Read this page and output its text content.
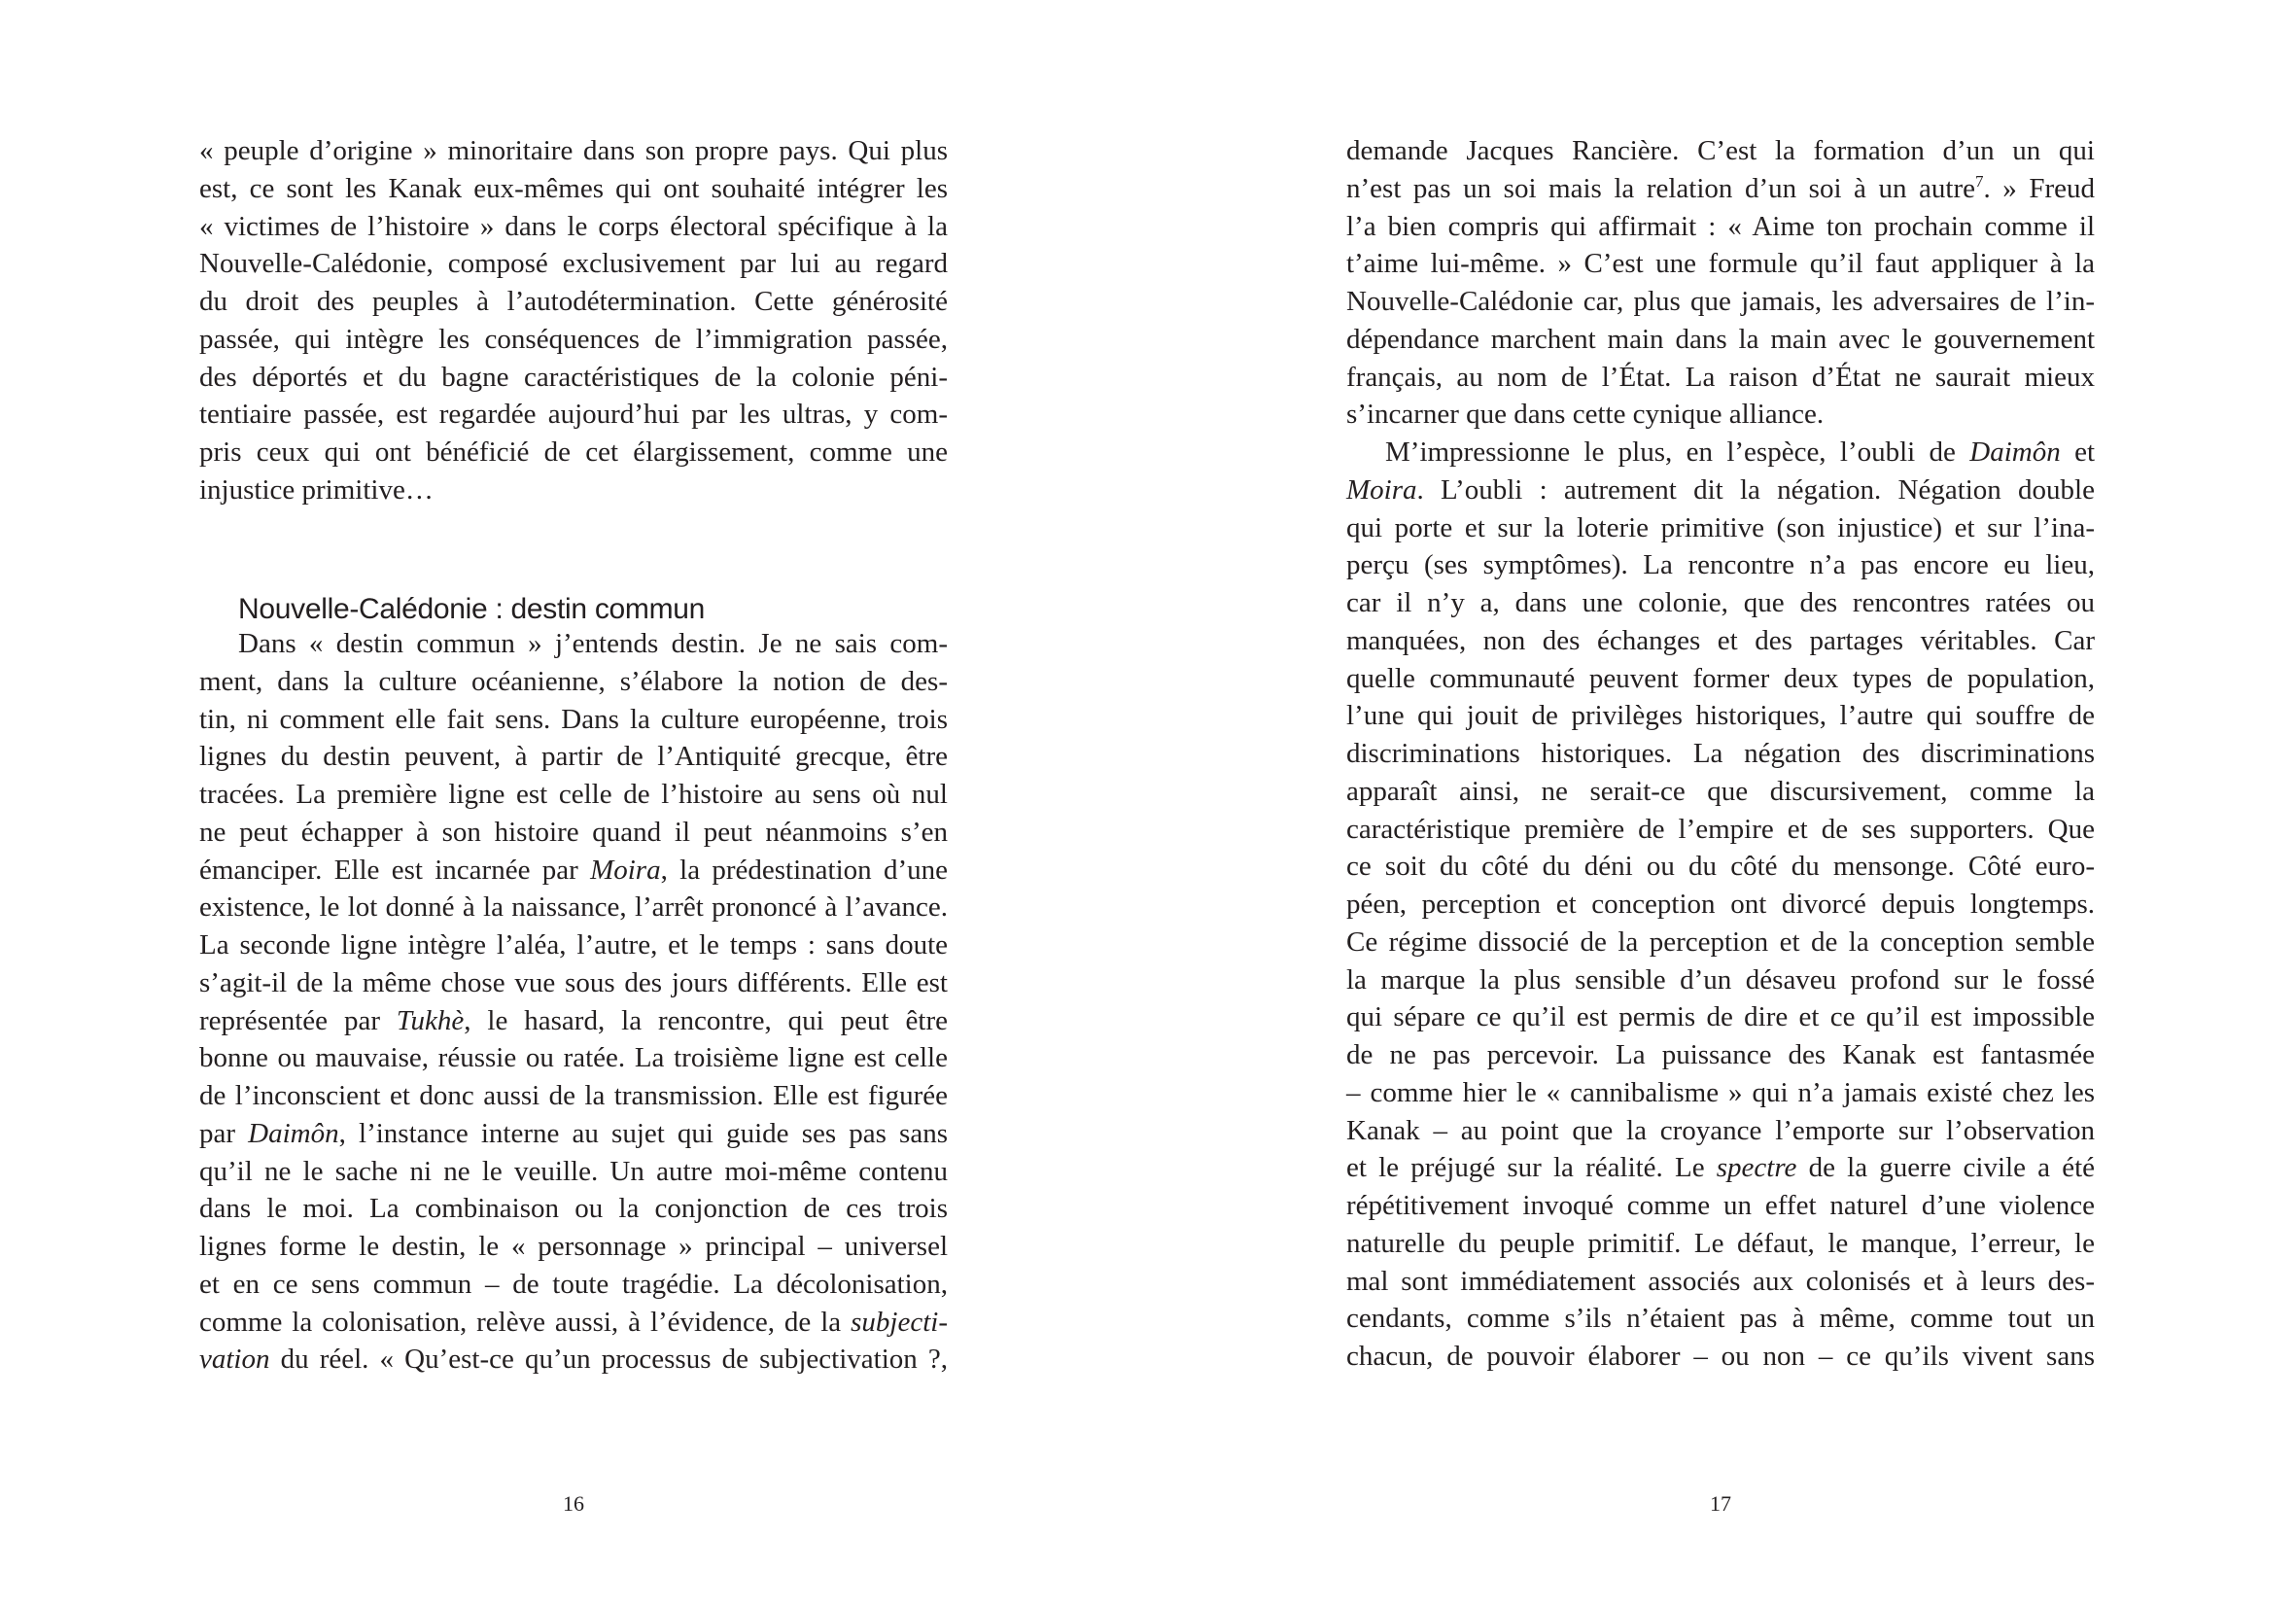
« peuple d’origine » minoritaire dans son propre pays. Qui plus
est, ce sont les Kanak eux-mêmes qui ont souhaité intégrer les
« victimes de l’histoire » dans le corps électoral spécifique à la
Nouvelle-Calédonie, composé exclusivement par lui au regard
du droit des peuples à l’autodétermination. Cette générosité
passée, qui intègre les conséquences de l’immigration passée,
des déportés et du bagne caractéristiques de la colonie péni-
tentiaire passée, est regardée aujourd’hui par les ultras, y com-
pris ceux qui ont bénéficié de cet élargissement, comme une
injustice primitive…
Nouvelle-Calédonie : destin commun
Dans « destin commun » j’entends destin. Je ne sais com-
ment, dans la culture océanienne, s’élabore la notion de des-
tin, ni comment elle fait sens. Dans la culture européenne, trois
lignes du destin peuvent, à partir de l’Antiquité grecque, être
tracées. La première ligne est celle de l’histoire au sens où nul
ne peut échapper à son histoire quand il peut néanmoins s’en
émanciper. Elle est incarnée par Moira, la prédestination d’une
existence, le lot donné à la naissance, l’arrêt prononcé à l’avance.
La seconde ligne intègre l’aléa, l’autre, et le temps : sans doute
s’agit-il de la même chose vue sous des jours différents. Elle est
représentée par Tukhè, le hasard, la rencontre, qui peut être
bonne ou mauvaise, réussie ou ratée. La troisième ligne est celle
de l’inconscient et donc aussi de la transmission. Elle est figurée
par Daimôn, l’instance interne au sujet qui guide ses pas sans
qu’il ne le sache ni ne le veuille. Un autre moi-même contenu
dans le moi. La combinaison ou la conjonction de ces trois
lignes forme le destin, le « personnage » principal – universel
et en ce sens commun – de toute tragédie. La décolonisation,
comme la colonisation, relève aussi, à l’évidence, de la subjecti-
vation du réel. « Qu’est-ce qu’un processus de subjectivation ?,
16
demande Jacques Rancière. C’est la formation d’un un qui
n’est pas un soi mais la relation d’un soi à un autre$^7$. » Freud
l’a bien compris qui affirmait : « Aime ton prochain comme il
t’aime lui-même. » C’est une formule qu’il faut appliquer à la
Nouvelle-Calédonie car, plus que jamais, les adversaires de l’in-
dépendance marchent main dans la main avec le gouvernement
français, au nom de l’État. La raison d’État ne saurait mieux
s’incarner que dans cette cynique alliance.
M’impressionne le plus, en l’espèce, l’oubli de Daimôn et
Moira. L’oubli : autrement dit la négation. Négation double
qui porte et sur la loterie primitive (son injustice) et sur l’ina-
perçu (ses symptômes). La rencontre n’a pas encore eu lieu,
car il n’y a, dans une colonie, que des rencontres ratées ou
manquées, non des échanges et des partages véritables. Car
quelle communauté peuvent former deux types de population,
l’une qui jouit de privilèges historiques, l’autre qui souffre de
discriminations historiques. La négation des discriminations
apparaît ainsi, ne serait-ce que discursivement, comme la
caractéristique première de l’empire et de ses supporters. Que
ce soit du côté du déni ou du côté du mensonge. Côté euro-
péen, perception et conception ont divorcé depuis longtemps.
Ce régime dissocié de la perception et de la conception semble
la marque la plus sensible d’un désaveu profond sur le fossé
qui sépare ce qu’il est permis de dire et ce qu’il est impossible
de ne pas percevoir. La puissance des Kanak est fantasmée
– comme hier le « cannibalisme » qui n’a jamais existé chez les
Kanak – au point que la croyance l’emporte sur l’observation
et le préjugé sur la réalité. Le spectre de la guerre civile a été
répétitivement invoqué comme un effet naturel d’une violence
naturelle du peuple primitif. Le défaut, le manque, l’erreur, le
mal sont immédiatement associés aux colonisés et à leurs des-
cendants, comme s’ils n’étaient pas à même, comme tout un
chacun, de pouvoir élaborer – ou non – ce qu’ils vivent sans
17
